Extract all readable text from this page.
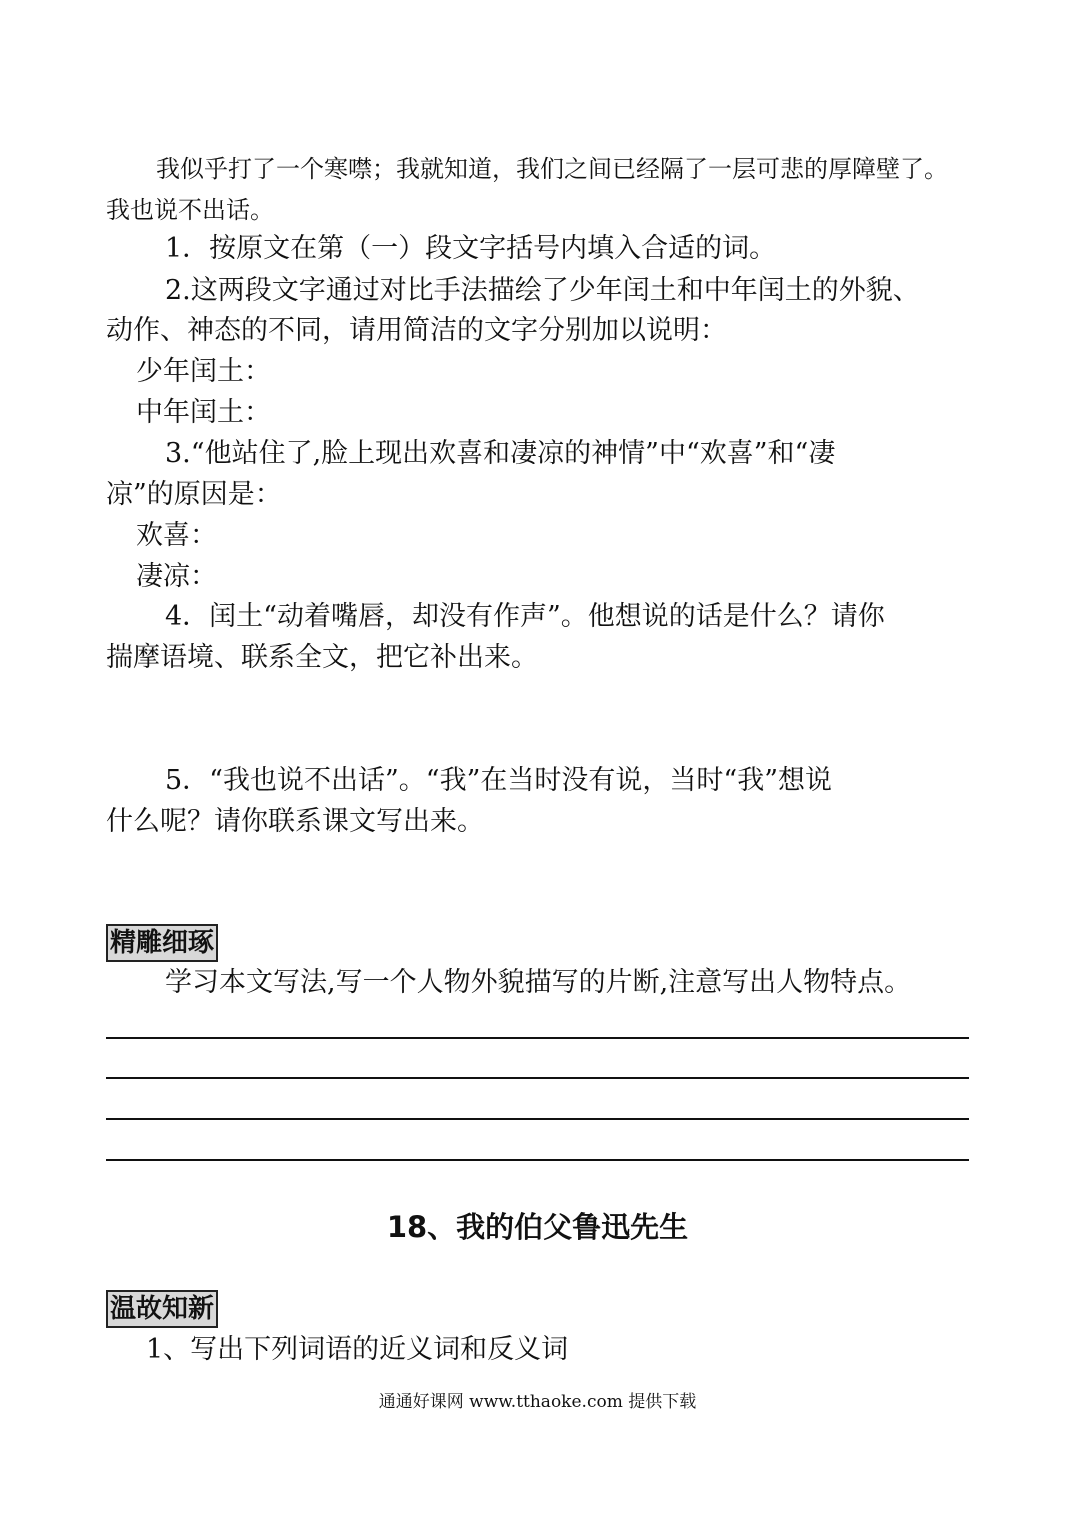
我似乎打了一个寒噤；我就知道，我们之间已经隔了一层可悲的厚障壁了。
我也说不出话。
1．按原文在第（一）段文字括号内填入合适的词。
2.这两段文字通过对比手法描绘了少年闰土和中年闰土的外貌、
动作、神态的不同，请用简洁的文字分别加以说明：
少年闰土：
中年闰土：
3.“他站住了,脸上现出欢喜和凄凉的神情”中“欢喜”和“凄
凉”的原因是：
欢喜：
凄凉：
4．闰土“动着嘴唇，却没有作声”。他想说的话是什么？请你
揣摩语境、联系全文，把它补出来。
5．“我也说不出话”。“我”在当时没有说，当时“我”想说
什么呢？请你联系课文写出来。
精雕细琢
学习本文写法,写一个人物外貌描写的片断,注意写出人物特点。
18、我的伯父鲁迅先生
温故知新
1、写出下列词语的近义词和反义词
通通好课网 www.tthaoke.com 提供下载
